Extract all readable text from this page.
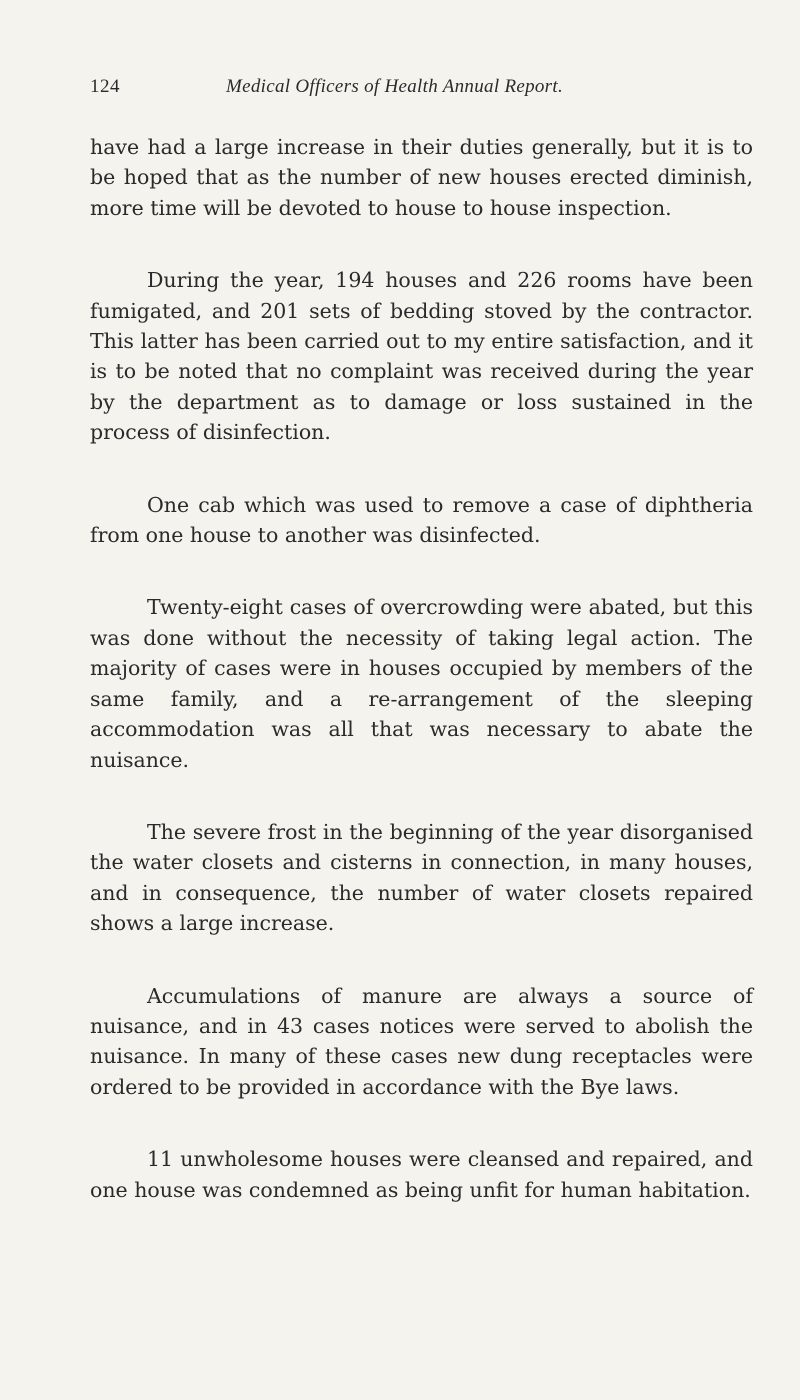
124	Medical Officers of Health Annual Report.

have had a large increase in their duties generally, but it is to be hoped that as the number of new houses erected diminish, more time will be devoted to house to house inspection.

During the year, 194 houses and 226 rooms have been fumigated, and 201 sets of bedding stoved by the contractor. This latter has been carried out to my entire satisfaction, and it is to be noted that no complaint was received during the year by the department as to damage or loss sustained in the process of disinfection.

One cab which was used to remove a case of diphtheria from one house to another was disinfected.

Twenty-eight cases of overcrowding were abated, but this was done without the necessity of taking legal action. The majority of cases were in houses occupied by members of the same family, and a re-arrangement of the sleeping accommodation was all that was necessary to abate the nuisance.

The severe frost in the beginning of the year disorganised the water closets and cisterns in connection, in many houses, and in consequence, the number of water closets repaired shows a large increase.

Accumulations of manure are always a source of nuisance, and in 43 cases notices were served to abolish the nuisance. In many of these cases new dung receptacles were ordered to be provided in accordance with the Bye laws.

11 unwholesome houses were cleansed and repaired, and one house was condemned as being unfit for human habitation.
